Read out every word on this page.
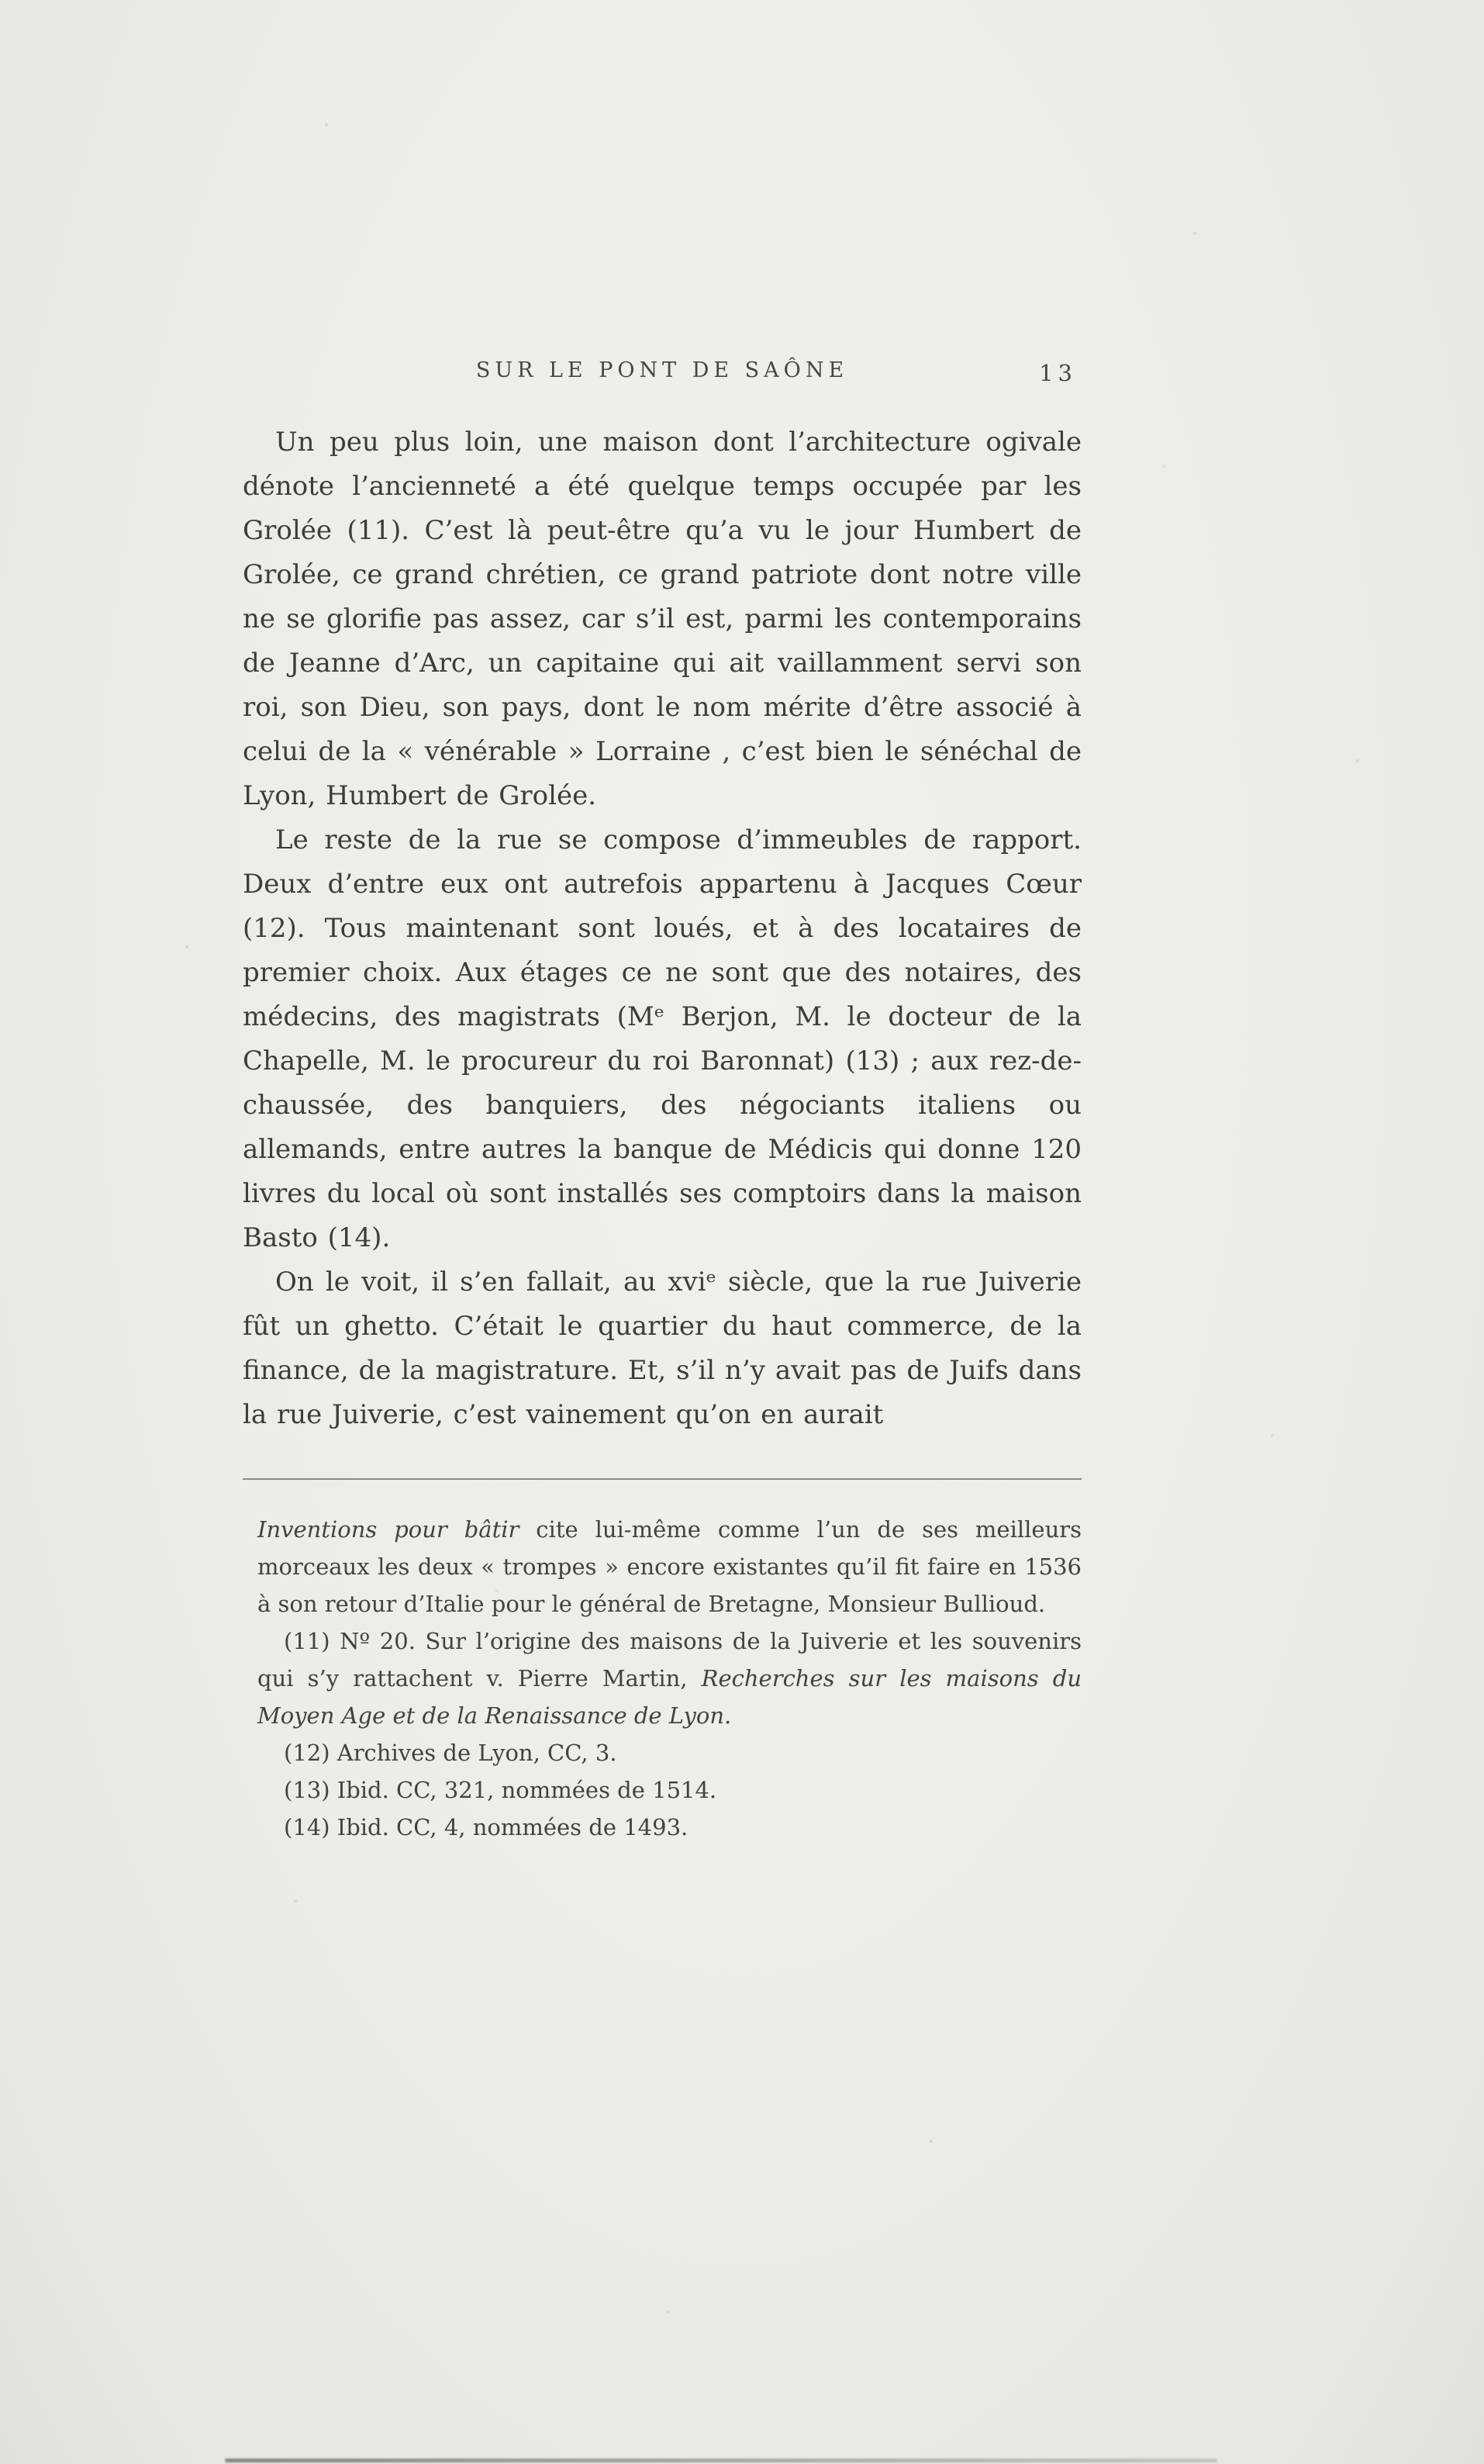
SUR LE PONT DE SAÔNE	13

Un peu plus loin, une maison dont l’architecture ogivale dénote l’ancienneté a été quelque temps occupée par les Grolée (11). C’est là peut-être qu’a vu le jour Humbert de Grolée, ce grand chrétien, ce grand patriote dont notre ville ne se glorifie pas assez, car s’il est, parmi les contemporains de Jeanne d’Arc, un capitaine qui ait vaillamment servi son roi, son Dieu, son pays, dont le nom mérite d’être associé à celui de la « vénérable » Lorraine , c’est bien le sénéchal de Lyon, Humbert de Grolée.

Le reste de la rue se compose d’immeubles de rapport. Deux d’entre eux ont autrefois appartenu à Jacques Cœur (12). Tous maintenant sont loués, et à des locataires de premier choix. Aux étages ce ne sont que des notaires, des médecins, des magistrats (Mᵉ Berjon, M. le docteur de la Chapelle, M. le procureur du roi Baronnat) (13) ; aux rez-de-chaussée, des banquiers, des négociants italiens ou allemands, entre autres la banque de Médicis qui donne 120 livres du local où sont installés ses comptoirs dans la maison Basto (14).

On le voit, il s’en fallait, au xviᵉ siècle, que la rue Juiverie fût un ghetto. C’était le quartier du haut commerce, de la finance, de la magistrature. Et, s’il n’y avait pas de Juifs dans la rue Juiverie, c’est vainement qu’on en aurait

Inventions pour bâtir cite lui-même comme l’un de ses meilleurs morceaux les deux « trompes » encore existantes qu’il fit faire en 1536 à son retour d’Italie pour le général de Bretagne, Monsieur Bullioud.

(11) Nº 20. Sur l’origine des maisons de la Juiverie et les souvenirs qui s’y rattachent v. Pierre Martin, Recherches sur les maisons du Moyen Age et de la Renaissance de Lyon.

(12) Archives de Lyon, CC, 3.

(13) Ibid. CC, 321, nommées de 1514.

(14) Ibid. CC, 4, nommées de 1493.
